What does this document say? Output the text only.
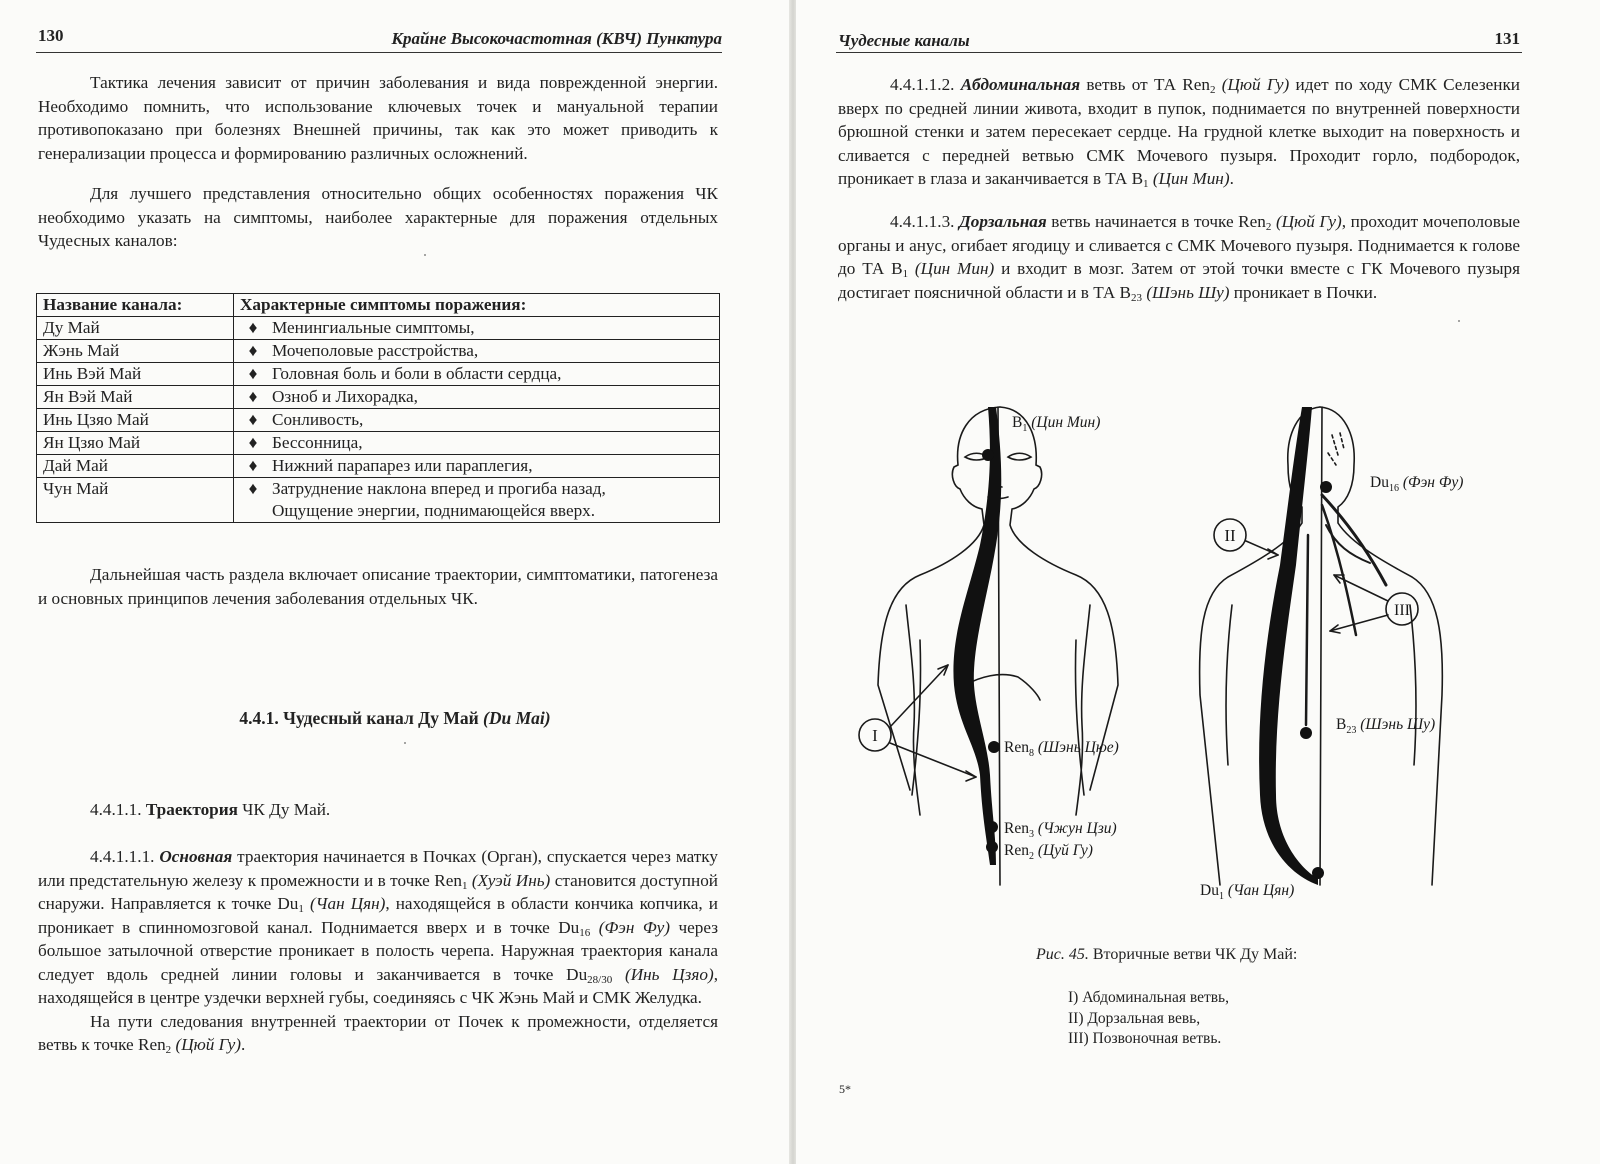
130	Крайне Высокочастотная (КВЧ) Пунктура

Тактика лечения зависит от причин заболевания и вида поврежденной энергии. Необходимо помнить, что использование ключевых точек и мануальной терапии противопоказано при болезнях Внешней причины, так как это может приводить к генерализации процесса и формированию различных осложнений.

Для лучшего представления относительно общих особенностях поражения ЧК необходимо указать на симптомы, наиболее характерные для поражения отдельных Чудесных каналов:

Название канала:	Характерные симптомы поражения:
Ду Май	♦ Менингиальные симптомы,
Жэнь Май	♦ Мочеполовые расстройства,
Инь Вэй Май	♦ Головная боль и боли в области сердца,
Ян Вэй Май	♦ Озноб и Лихорадка,
Инь Цзяо Май	♦ Сонливость,
Ян Цзяо Май	♦ Бессонница,
Дай Май	♦ Нижний парапарез или параплегия,
Чун Май	♦ Затруднение наклона вперед и прогиба назад,
Ощущение энергии, поднимающейся вверх.

Дальнейшая часть раздела включает описание траектории, симптоматики, патогенеза и основных принципов лечения заболевания отдельных ЧК.

4.4.1. Чудесный канал Ду Май (Du Mai)

4.4.1.1. Траектория ЧК Ду Май.

4.4.1.1.1. Основная траектория начинается в Почках (Орган), спускается через матку или предстательную железу к промежности и в точке Ren$_1$ (Хуэй Инь) становится доступной снаружи. Направляется к точке $Du_1$ (Чан Цян), находящейся в области кончика копчика, и проникает в спинномозговой канал. Поднимается вверх и в точке $Du_{16}$ (Фэн Фу) через большое затылочной отверстие проникает в полость черепа. Наружная траектория канала следует вдоль средней линии головы и заканчивается в точке $Du_{28/30}$ (Инь Цзяо), находящейся в центре уздечки верхней губы, соединяясь с ЧК Жэнь Май и СМК Желудка.

На пути следования внутренней траектории от Почек к промежности, отделяется ветвь к точке Ren$_2$ (Цюй Гу).

Чудесные каналы	131

4.4.1.1.2. Абдоминальная ветвь от ТА Ren$_2$ (Цюй Гу) идет по ходу СМК Селезенки вверх по средней линии живота, входит в пупок, поднимается по внутренней поверхности брюшной стенки и затем пересекает сердце. На грудной клетке выходит на поверхность и сливается с передней ветвью СМК Мочевого пузыря. Проходит горло, подбородок, проникает в глаза и заканчивается в ТА $B_1$ (Цин Мин).

4.4.1.1.3. Дорзальная ветвь начинается в точке Ren$_2$ (Цюй Гу), проходит мочеполовые органы и анус, огибает ягодицу и сливается с СМК Мочевого пузыря. Поднимается к голове до ТА $B_1$ (Цин Мин) и входит в мозг. Затем от этой точки вместе с ГК Мочевого пузыря достигает поясничной области и в ТА $B_{23}$ (Шэнь Шу) проникает в Почки.

$B_1$ (Цин Мин)
Ren$_8$ (Шэнь Цюе)
Ren$_3$ (Чжун Цзи)
Ren$_2$ (Цуй Гу)
$Du_{16}$ (Фэн Фу)
$B_{23}$ (Шэнь Шу)
$Du_1$ (Чан Цян)
I
II
III
Рис. 45. Вторичные ветви ЧК Ду Май:
I) Абдоминальная ветвь,
II) Дорзальная вевь,
III) Позвоночная ветвь.
5*
